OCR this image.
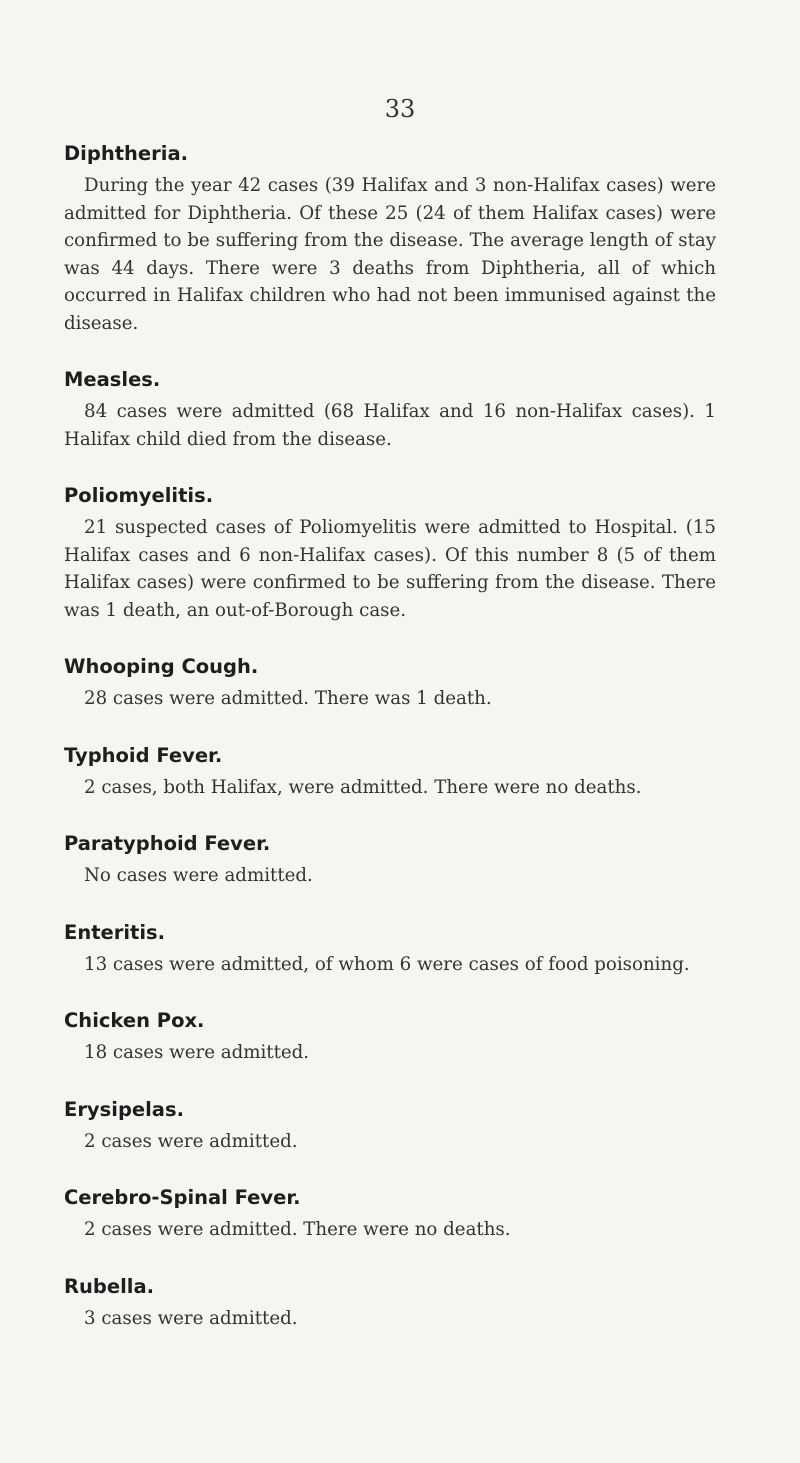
33
Diphtheria.

During the year 42 cases (39 Halifax and 3 non-Halifax cases) were admitted for Diphtheria. Of these 25 (24 of them Halifax cases) were confirmed to be suffering from the disease. The average length of stay was 44 days. There were 3 deaths from Diphtheria, all of which occurred in Halifax children who had not been immunised against the disease.

Measles.

84 cases were admitted (68 Halifax and 16 non-Halifax cases). 1 Halifax child died from the disease.

Poliomyelitis.

21 suspected cases of Poliomyelitis were admitted to Hospital. (15 Halifax cases and 6 non-Halifax cases). Of this number 8 (5 of them Halifax cases) were confirmed to be suffering from the disease. There was 1 death, an out-of-Borough case.

Whooping Cough.

28 cases were admitted. There was 1 death.

Typhoid Fever.

2 cases, both Halifax, were admitted. There were no deaths.

Paratyphoid Fever.

No cases were admitted.

Enteritis.

13 cases were admitted, of whom 6 were cases of food poisoning.

Chicken Pox.

18 cases were admitted.

Erysipelas.

2 cases were admitted.

Cerebro-Spinal Fever.

2 cases were admitted. There were no deaths.

Rubella.

3 cases were admitted.
